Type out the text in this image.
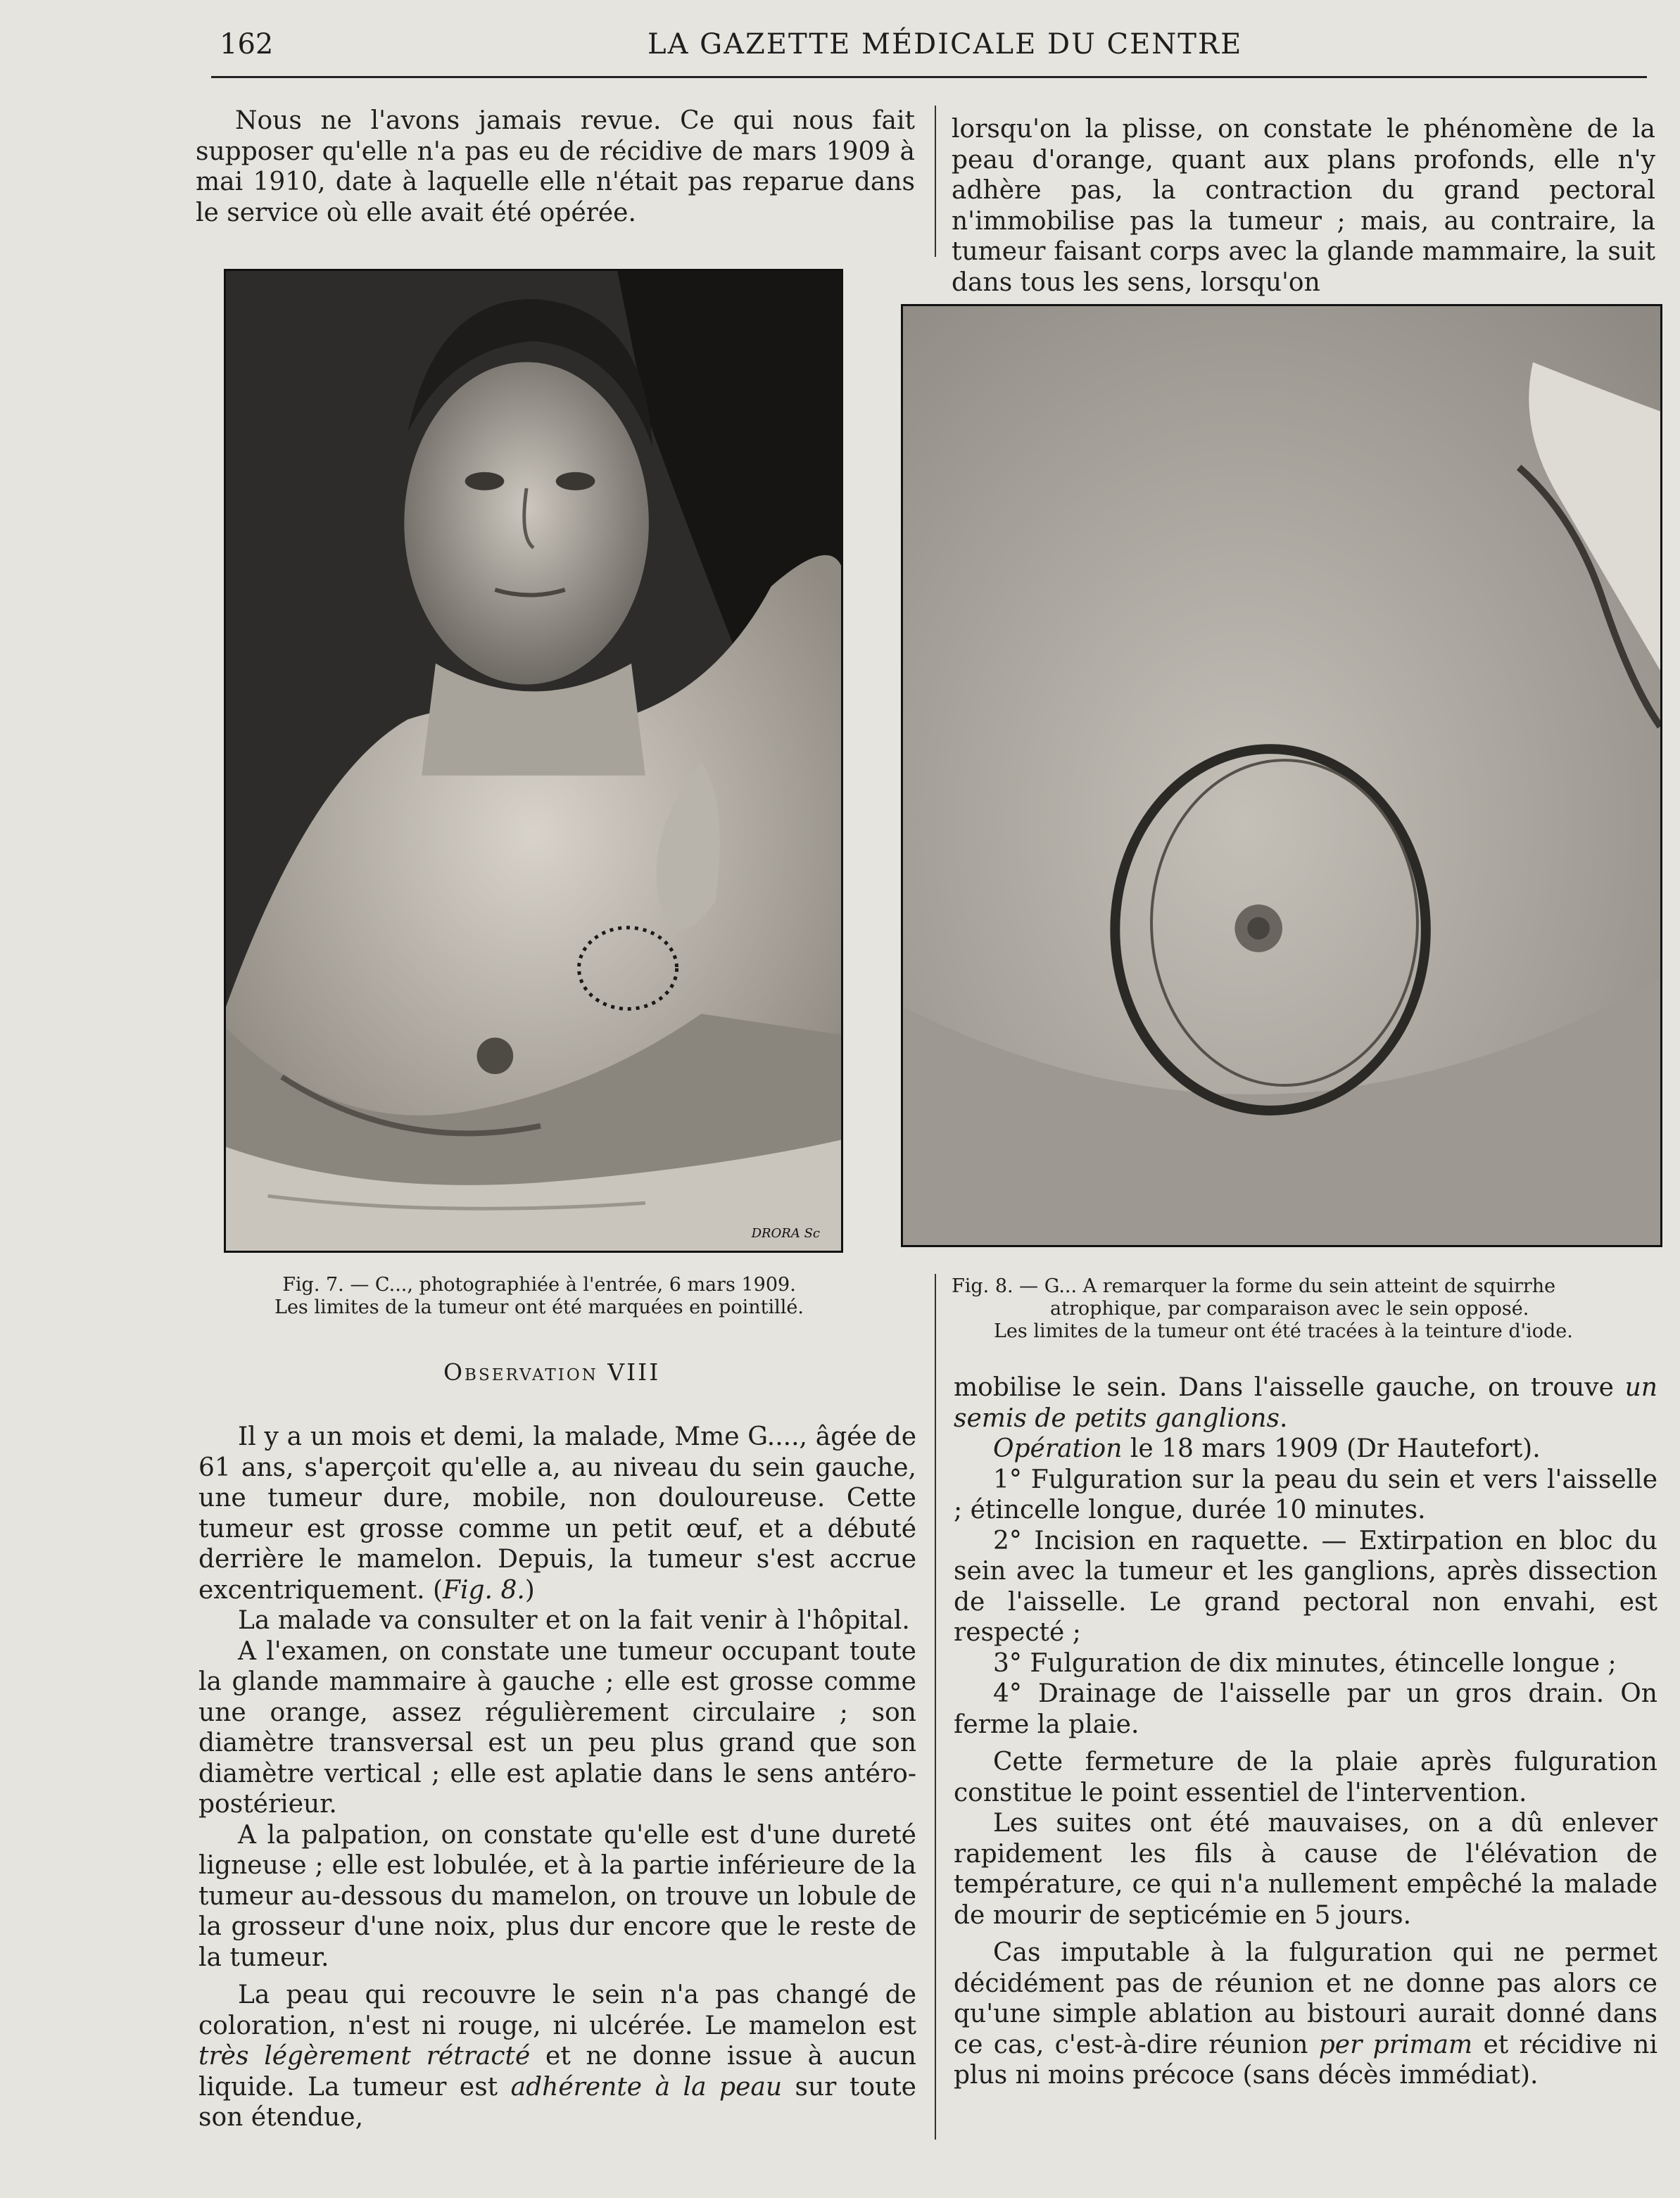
162	LA GAZETTE MÉDICALE DU CENTRE

Nous ne l'avons jamais revue. Ce qui nous fait supposer qu'elle n'a pas eu de récidive de mars 1909 à mai 1910, date à laquelle elle n'était pas reparue dans le service où elle avait été opérée.

lorsqu'on la plisse, on constate le phénomène de la peau d'orange, quant aux plans profonds, elle n'y adhère pas, la contraction du grand pectoral n'immobilise pas la tumeur ; mais, au contraire, la tumeur faisant corps avec la glande mammaire, la suit dans tous les sens, lorsqu'on

DRORA Sc
Fig. 7. — C..., photographiée à l'entrée, 6 mars 1909.
Les limites de la tumeur ont été marquées en pointillé.
Fig. 8. — G... A remarquer la forme du sein atteint de squirrhe
atrophique, par comparaison avec le sein opposé.
Les limites de la tumeur ont été tracées à la teinture d'iode.
Observation VIII

Il y a un mois et demi, la malade, Mme G...., âgée de 61 ans, s'aperçoit qu'elle a, au niveau du sein gauche, une tumeur dure, mobile, non douloureuse. Cette tumeur est grosse comme un petit œuf, et a débuté derrière le mamelon. Depuis, la tumeur s'est accrue excentriquement. (Fig. 8.)

La malade va consulter et on la fait venir à l'hôpital.

A l'examen, on constate une tumeur occupant toute la glande mammaire à gauche ; elle est grosse comme une orange, assez régulièrement circulaire ; son diamètre transversal est un peu plus grand que son diamètre vertical ; elle est aplatie dans le sens antéro-postérieur.

A la palpation, on constate qu'elle est d'une dureté ligneuse ; elle est lobulée, et à la partie inférieure de la tumeur au-dessous du mamelon, on trouve un lobule de la grosseur d'une noix, plus dur encore que le reste de la tumeur.

La peau qui recouvre le sein n'a pas changé de coloration, n'est ni rouge, ni ulcérée. Le mamelon est très légèrement rétracté et ne donne issue à aucun liquide. La tumeur est adhérente à la peau sur toute son étendue,

mobilise le sein. Dans l'aisselle gauche, on trouve un semis de petits ganglions.

Opération le 18 mars 1909 (Dr Hautefort).

1° Fulguration sur la peau du sein et vers l'aisselle ; étincelle longue, durée 10 minutes.

2° Incision en raquette. — Extirpation en bloc du sein avec la tumeur et les ganglions, après dissection de l'aisselle. Le grand pectoral non envahi, est respecté ;

3° Fulguration de dix minutes, étincelle longue ;

4° Drainage de l'aisselle par un gros drain. On ferme la plaie.

Cette fermeture de la plaie après fulguration constitue le point essentiel de l'intervention.

Les suites ont été mauvaises, on a dû enlever rapidement les fils à cause de l'élévation de température, ce qui n'a nullement empêché la malade de mourir de septicémie en 5 jours.

Cas imputable à la fulguration qui ne permet décidément pas de réunion et ne donne pas alors ce qu'une simple ablation au bistouri aurait donné dans ce cas, c'est-à-dire réunion per primam et récidive ni plus ni moins précoce (sans décès immédiat).
